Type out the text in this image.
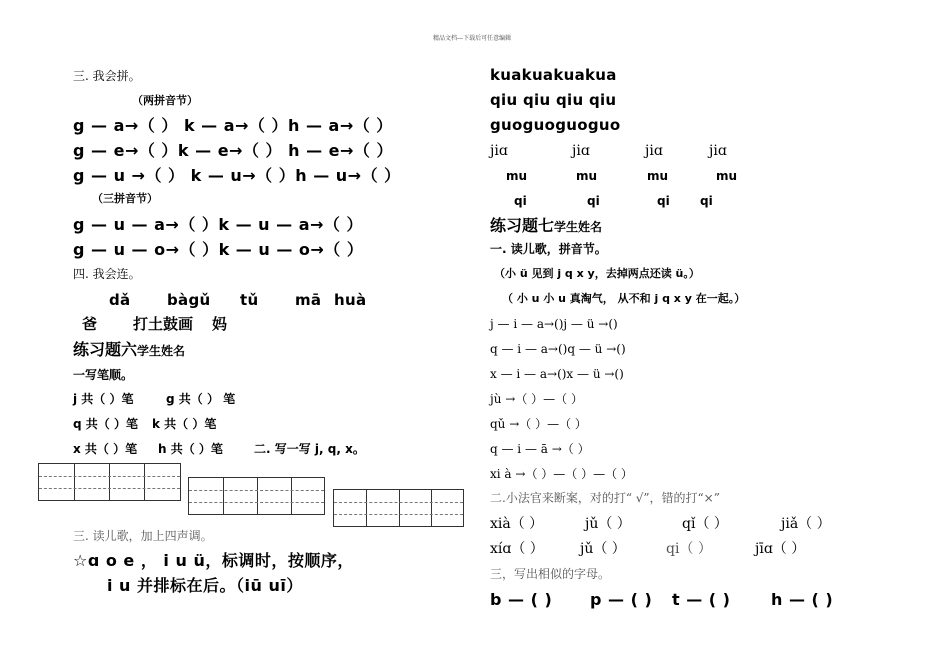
精品文档---下载后可任意编辑
三. 我会拼。
（两拼音节）
g — a→（ ） k — a→（ ）h — a→（ ）
g — e→（ ）k — e→（ ） h — e→（ ）
g — u →（ ） k — u→（ ）h — u→（ ）
（三拼音节）
g — u — a→（ ）k — u — a→（ ）
g — u — o→（ ）k — u — o→（ ）
四. 我会连。
dǎ bàgǔ tǔ mā huà
爸 打土鼓画 妈
练习题六学生姓名
一写笔顺。
j 共（ ）笔	g 共（ ） 笔
q 共（ ）笔 k 共（ ）笔
x 共（ ）笔 h 共（ ）笔	二. 写一写 j, q, x。
三. 读儿歌，加上四声调。
☆ɑ o e ， i u ü，标调时，按顺序，
i u 并排标在后。（iū uī）
kuakuakuakua
qiu qiu qiu qiu
guoguoguoguo
jiɑ	jiɑ	jiɑ	jiɑ
mu	mu	mu	mu
qi	qi	qi	qi
练习题七学生姓名
一. 读儿歌，拼音节。
（小 ü 见到 j q x y，去掉两点还读 ü。）
（ 小 u 小 u 真淘气， 从不和 j q x y 在一起。）
j — i — a→()j — ü →()
q — i — a→()q — ü →()
x — i — a→()x — ü →()
jù →（ ）—（ ）
qǔ →（ ）—（ ）
q — i — ā →（ ）
xi à →（ ）—（ ）—（ ）
二.小法官来断案，对的打“ √”，错的打“×”
xià（ ）	jǔ（ ）	qǐ（ ）	jiǎ（ ）
xíɑ（ ）	jǔ（ ）	qi（ ）	jīɑ（ ）
三，写出相似的字母。
b — ( ) p — ( ) t — ( )	h — ( )
